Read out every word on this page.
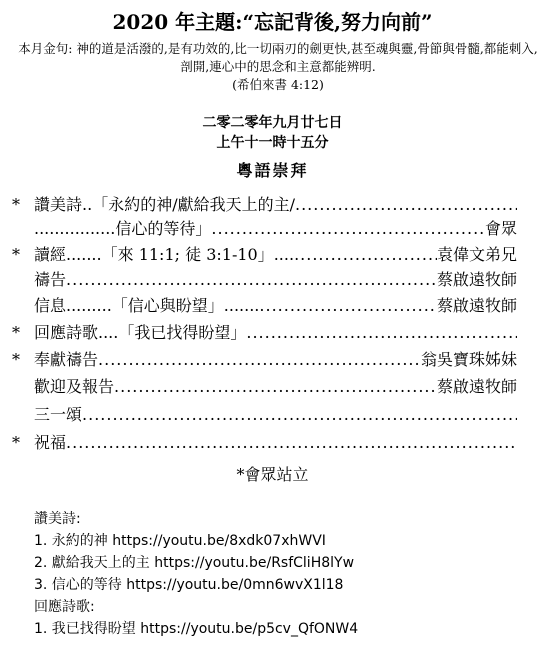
2020 年主題:“忘記背後,努力向前”
本月金句: 神的道是活潑的,是有功效的,比一切兩刃的劍更快,甚至魂與靈,骨節與骨髓,都能刺入,剖開,連心中的思念和主意都能辨明.
(希伯來書 4:12)
二零二零年九月廿七日
上午十一時十五分
粵語崇拜
* 讚美詩.. 「永約的神/獻給我天上的主/
.....
................ 信心的等待」 .....	會眾
* 讀經....... 「來 11:1; 徒 3:1-10」.... .....	袁偉文弟兄
禱告 .....	蔡啟遠牧師
信息......... 「信心與盼望」....... .....	蔡啟遠牧師
* 回應詩歌.... 「我已找得盼望」
.....
* 奉獻禱告 .....	翁吳寶珠姊妹
歡迎及報告 .....	蔡啟遠牧師
三一頌
.....
* 祝福
.....
*會眾站立
讚美詩:
1. 永約的神 https://youtu.be/8xdk07xhWVI
2. 獻給我天上的主 https://youtu.be/RsfCliH8lYw
3. 信心的等待 https://youtu.be/0mn6wvX1l18
回應詩歌:
1. 我已找得盼望 https://youtu.be/p5cv_QfONW4
